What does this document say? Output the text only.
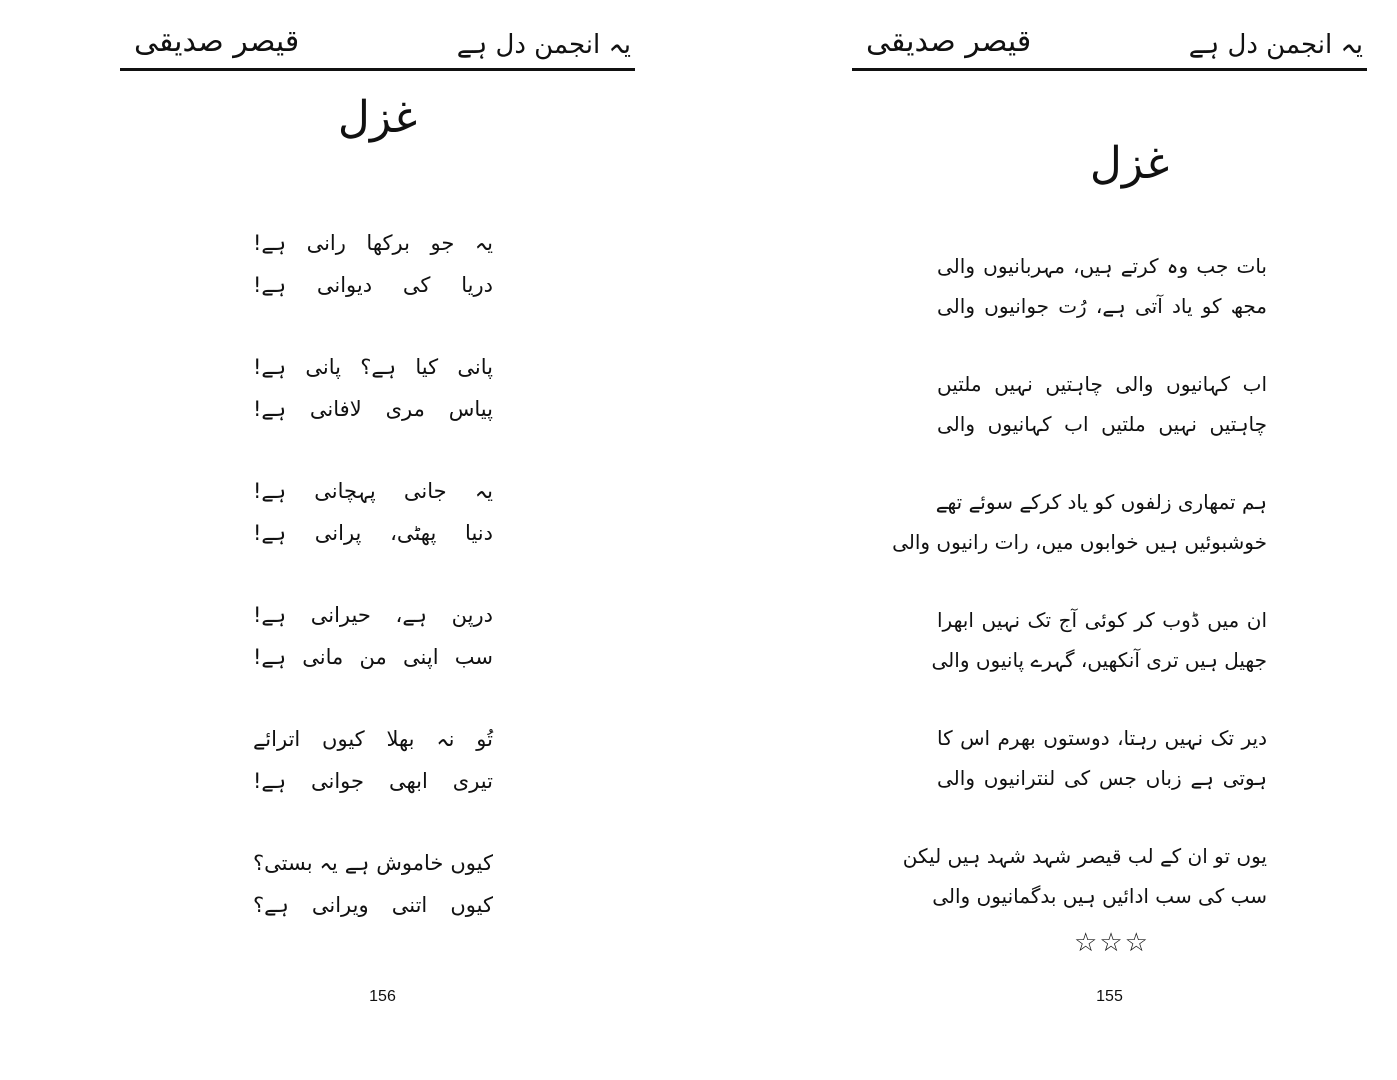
یہ انجمن دل ہے
قیصر صدیقی
غزل
یہ جو برکھا رانی ہے!
دریا کی دیوانی ہے!
پانی کیا ہے؟ پانی ہے!
پیاس مری لافانی ہے!
یہ جانی پہچانی ہے!
دنیا پھٹی، پرانی ہے!
درپن ہے، حیرانی ہے!
سب اپنی من مانی ہے!
تُو نہ بھلا کیوں اترائے
تیری ابھی جوانی ہے!
کیوں خاموش ہے یہ بستی؟
کیوں اتنی ویرانی ہے؟
156
یہ انجمن دل ہے
قیصر صدیقی
غزل
بات جب وہ کرتے ہیں، مہربانیوں والی
مجھ کو یاد آتی ہے، رُت جوانیوں والی
اب کہانیوں والی چاہتیں نہیں ملتیں
چاہتیں نہیں ملتیں اب کہانیوں والی
ہم تمھاری زلفوں کو یاد کرکے سوئے تھے
خوشبوئیں ہیں خوابوں میں، رات رانیوں والی
ان میں ڈوب کر کوئی آج تک نہیں ابھرا
جھیل ہیں تری آنکھیں، گہرے پانیوں والی
دیر تک نہیں رہتا، دوستوں بھرم اس کا
ہوتی ہے زباں جس کی لنترانیوں والی
یوں تو ان کے لب قیصر شہد شہد ہیں لیکن
سب کی سب ادائیں ہیں بدگمانیوں والی
☆☆☆
155
